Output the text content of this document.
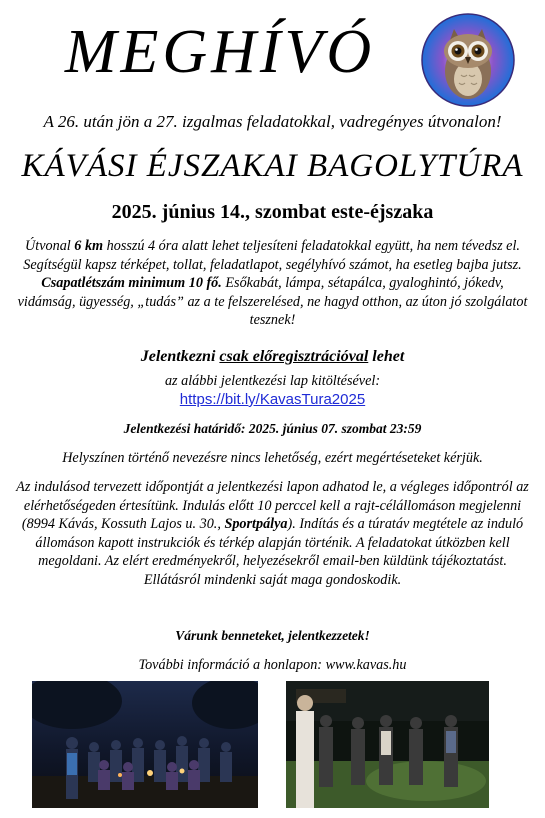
MEGHÍVÓ
A 26. után jön a 27. izgalmas feladatokkal, vadregényes útvonalon!
KÁVÁSI ÉJSZAKAI BAGOLYTÚRA
2025. június 14., szombat este-éjszaka
Útvonal 6 km hosszú 4 óra alatt lehet teljesíteni feladatokkal együtt, ha nem tévedsz el. Segítségül kapsz térképet, tollat, feladatlapot, segélyhívó számot, ha esetleg bajba jutsz. Csapatlétszám minimum 10 fő. Esőkabát, lámpa, sétapálca, gyaloghintó, jókedv, vidámság, ügyesség, „tudás” az a te felszerelésed, ne hagyd otthon, az úton jó szolgálatot tesznek!
Jelentkezni csak előregisztrációval lehet
az alábbi jelentkezési lap kitöltésével:
https://bit.ly/KavasTura2025
Jelentkezési határidő: 2025. június 07. szombat 23:59
Helyszínen történő nevezésre nincs lehetőség, ezért megértéseteket kérjük.
Az indulásod tervezett időpontját a jelentkezési lapon adhatod le, a végleges időpontról az elérhetőségeden értesítünk. Indulás előtt 10 perccel kell a rajt-célállomáson megjelenni (8994 Kávás, Kossuth Lajos u. 30., Sportpálya). Indítás és a túratáv megtétele az induló állomáson kapott instrukciók és térkép alapján történik. A feladatokat útközben kell megoldani. Az elért eredményekről, helyezésekről email-ben küldünk tájékoztatást.
Ellátásról mindenki saját maga gondoskodik.
Várunk benneteket, jelentkezzetek!
További információ a honlapon: www.kavas.hu
